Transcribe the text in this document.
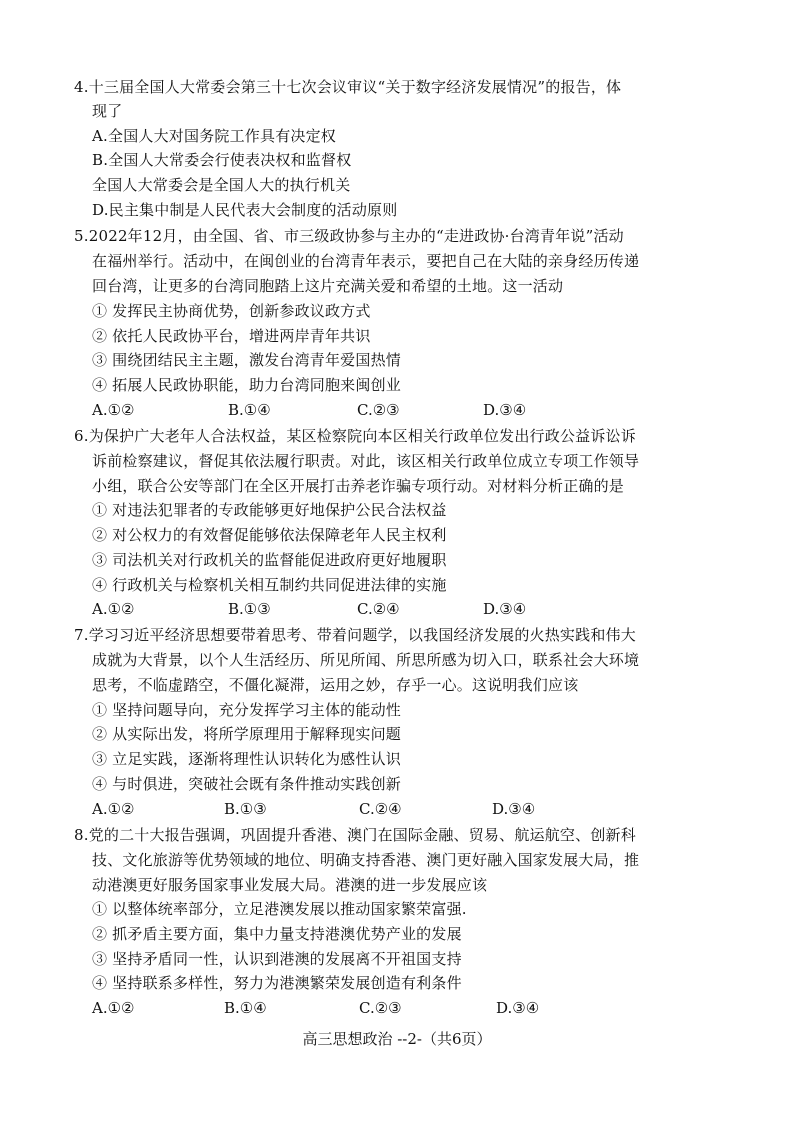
4.十三届全国人大常委会第三十七次会议审议“关于数字经济发展情况”的报告，体
现了
A.全国人大对国务院工作具有决定权
B.全国人大常委会行使表决权和监督权
全国人大常委会是全国人大的执行机关
D.民主集中制是人民代表大会制度的活动原则
5.2022年12月，由全国、省、市三级政协参与主办的“走进政协·台湾青年说”活动
在福州举行。活动中，在闽创业的台湾青年表示，要把自己在大陆的亲身经历传递
回台湾，让更多的台湾同胞踏上这片充满关爱和希望的土地。这一活动
① 发挥民主协商优势，创新参政议政方式
② 依托人民政协平台，增进两岸青年共识
③ 围绕团结民主主题，激发台湾青年爱国热情
④ 拓展人民政协职能，助力台湾同胞来闽创业
A.①②	B.①④	C.②③	D.③④
6.为保护广大老年人合法权益，某区检察院向本区相关行政单位发出行政公益诉讼诉
诉前检察建议，督促其依法履行职责。对此，该区相关行政单位成立专项工作领导
小组，联合公安等部门在全区开展打击养老诈骗专项行动。对材料分析正确的是
① 对违法犯罪者的专政能够更好地保护公民合法权益
② 对公权力的有效督促能够依法保障老年人民主权利
③ 司法机关对行政机关的监督能促进政府更好地履职
④ 行政机关与检察机关相互制约共同促进法律的实施
A.①②	B.①③	C.②④	D.③④
7.学习习近平经济思想要带着思考、带着问题学，以我国经济发展的火热实践和伟大
成就为大背景，以个人生活经历、所见所闻、所思所感为切入口，联系社会大环境
思考，不临虚踏空，不僵化凝滞，运用之妙，存乎一心。这说明我们应该
① 坚持问题导向，充分发挥学习主体的能动性
② 从实际出发，将所学原理用于解释现实问题
③ 立足实践，逐渐将理性认识转化为感性认识
④ 与时俱进，突破社会既有条件推动实践创新
A.①②	B.①③	C.②④	D.③④
8.党的二十大报告强调，巩固提升香港、澳门在国际金融、贸易、航运航空、创新科
技、文化旅游等优势领域的地位、明确支持香港、澳门更好融入国家发展大局，推
动港澳更好服务国家事业发展大局。港澳的进一步发展应该
① 以整体统率部分，立足港澳发展以推动国家繁荣富强.
② 抓矛盾主要方面，集中力量支持港澳优势产业的发展
③ 坚持矛盾同一性，认识到港澳的发展离不开祖国支持
④ 坚持联系多样性，努力为港澳繁荣发展创造有利条件
A.①②	B.①④	C.②③	D.③④
高三思想政治 --2-（共6页）
